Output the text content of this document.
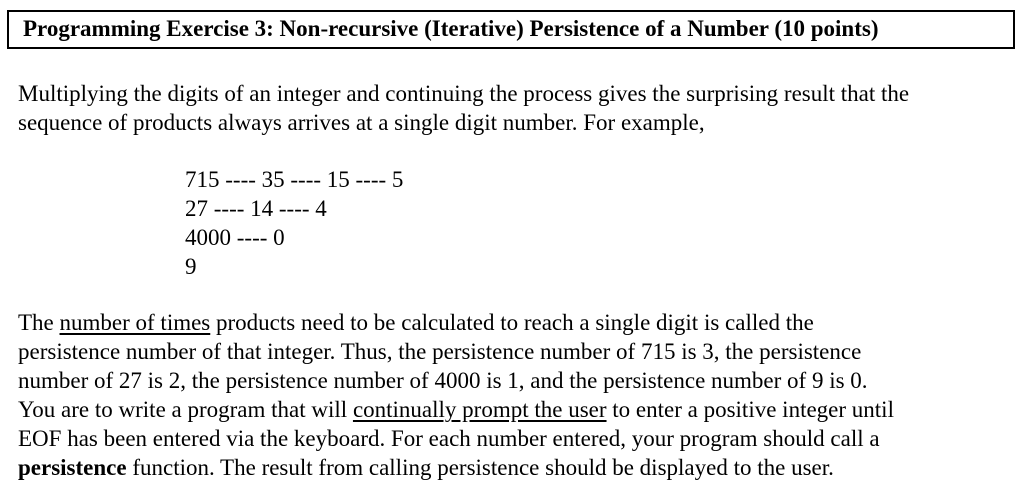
Programming Exercise 3: Non-recursive (Iterative) Persistence of a Number (10 points)
Multiplying the digits of an integer and continuing the process gives the surprising result that the
sequence of products always arrives at a single digit number. For example,
715 ---- 35 ---- 15 ---- 5
27 ---- 14 ---- 4
4000 ---- 0
9
The number of times products need to be calculated to reach a single digit is called the
persistence number of that integer. Thus, the persistence number of 715 is 3, the persistence
number of 27 is 2, the persistence number of 4000 is 1, and the persistence number of 9 is 0.
You are to write a program that will continually prompt the user to enter a positive integer until
EOF has been entered via the keyboard. For each number entered, your program should call a
persistence function. The result from calling persistence should be displayed to the user.
